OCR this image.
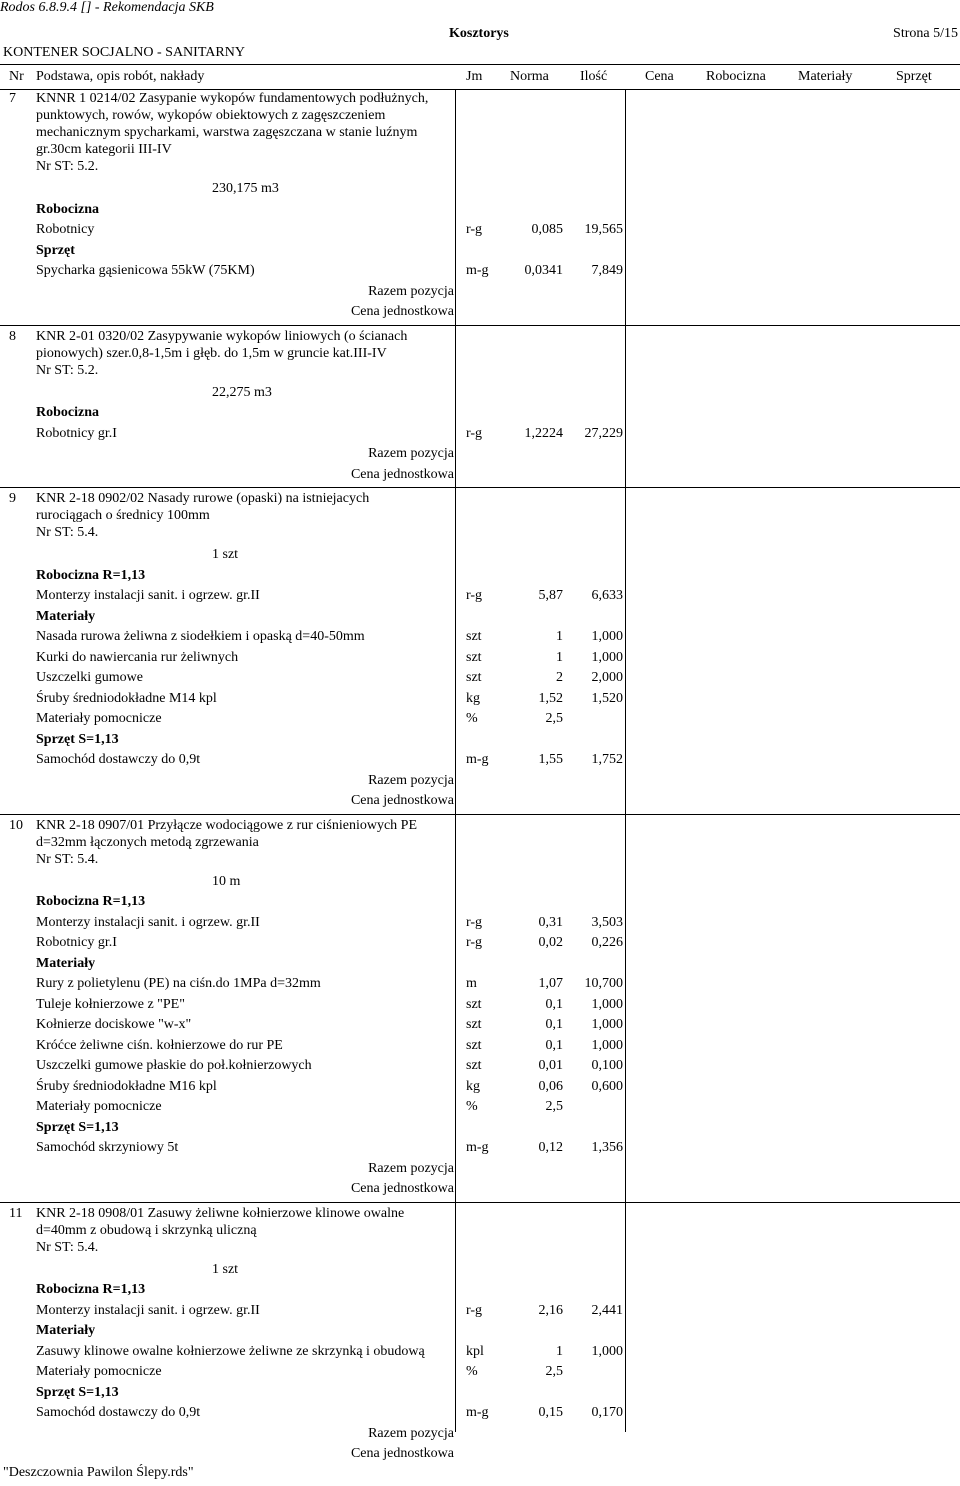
Rodos 6.8.9.4 [] - Rekomendacja SKB
Kosztorys	Strona 5/15
KONTENER SOCJALNO - SANITARNY
Nr Podstawa, opis robót, nakłady	Jm Norma Ilość	Cena Robocizna Materiały	Sprzęt
7 KNNR 1 0214/02 Zasypanie wykopów fundamentowych podłużnych,
punktowych, rowów, wykopów obiektowych z zagęszczeniem
mechanicznym spycharkami, warstwa zagęszczana w stanie luźnym
gr.30cm kategorii III-IV
Nr ST: 5.2.
230,175 m3
Robocizna
Robotnicy	r-g	0,085 19,565
Sprzęt
Spycharka gąsienicowa 55kW (75KM)	m-g	0,0341 7,849
Razem pozycja
Cena jednostkowa
8 KNR 2-01 0320/02 Zasypywanie wykopów liniowych (o ścianach
pionowych) szer.0,8-1,5m i głęb. do 1,5m w gruncie kat.III-IV
Nr ST: 5.2.
22,275 m3
Robocizna
Robotnicy gr.I	r-g	1,2224 27,229
Razem pozycja
Cena jednostkowa
9 KNR 2-18 0902/02 Nasady rurowe (opaski) na istniejacych
rurociągach o średnicy 100mm
Nr ST: 5.4.
1 szt
Robocizna R=1,13
Monterzy instalacji sanit. i ogrzew. gr.II	r-g	5,87 6,633
Materiały
Nasada rurowa żeliwna z siodełkiem i opaską d=40-50mm	szt	1 1,000
Kurki do nawiercania rur żeliwnych	szt	1 1,000
Uszczelki gumowe	szt	2 2,000
Śruby średniodokładne M14 kpl	kg	1,52 1,520
Materiały pomocnicze	%	2,5
Sprzęt S=1,13
Samochód dostawczy do 0,9t	m-g	1,55 1,752
Razem pozycja
Cena jednostkowa
10 KNR 2-18 0907/01 Przyłącze wodociągowe z rur ciśnieniowych PE
d=32mm łączonych metodą zgrzewania
Nr ST: 5.4.
10 m
Robocizna R=1,13
Monterzy instalacji sanit. i ogrzew. gr.II	r-g	0,31 3,503
Robotnicy gr.I	r-g	0,02 0,226
Materiały
Rury z polietylenu (PE) na ciśn.do 1MPa d=32mm	m	1,07 10,700
Tuleje kołnierzowe z "PE"	szt	0,1 1,000
Kołnierze dociskowe "w-x"	szt	0,1 1,000
Króćce żeliwne ciśn. kołnierzowe do rur PE	szt	0,1 1,000
Uszczelki gumowe płaskie do poł.kołnierzowych	szt	0,01 0,100
Śruby średniodokładne M16 kpl	kg	0,06 0,600
Materiały pomocnicze	%	2,5
Sprzęt S=1,13
Samochód skrzyniowy 5t	m-g	0,12 1,356
Razem pozycja
Cena jednostkowa
11 KNR 2-18 0908/01 Zasuwy żeliwne kołnierzowe klinowe owalne
d=40mm z obudową i skrzynką uliczną
Nr ST: 5.4.
1 szt
Robocizna R=1,13
Monterzy instalacji sanit. i ogrzew. gr.II	r-g	2,16 2,441
Materiały
Zasuwy klinowe owalne kołnierzowe żeliwne ze skrzynką i obudową	kpl	1 1,000
Materiały pomocnicze	%	2,5
Sprzęt S=1,13
Samochód dostawczy do 0,9t	m-g	0,15 0,170
Razem pozycja
Cena jednostkowa
"Deszczownia Pawilon Ślepy.rds"
